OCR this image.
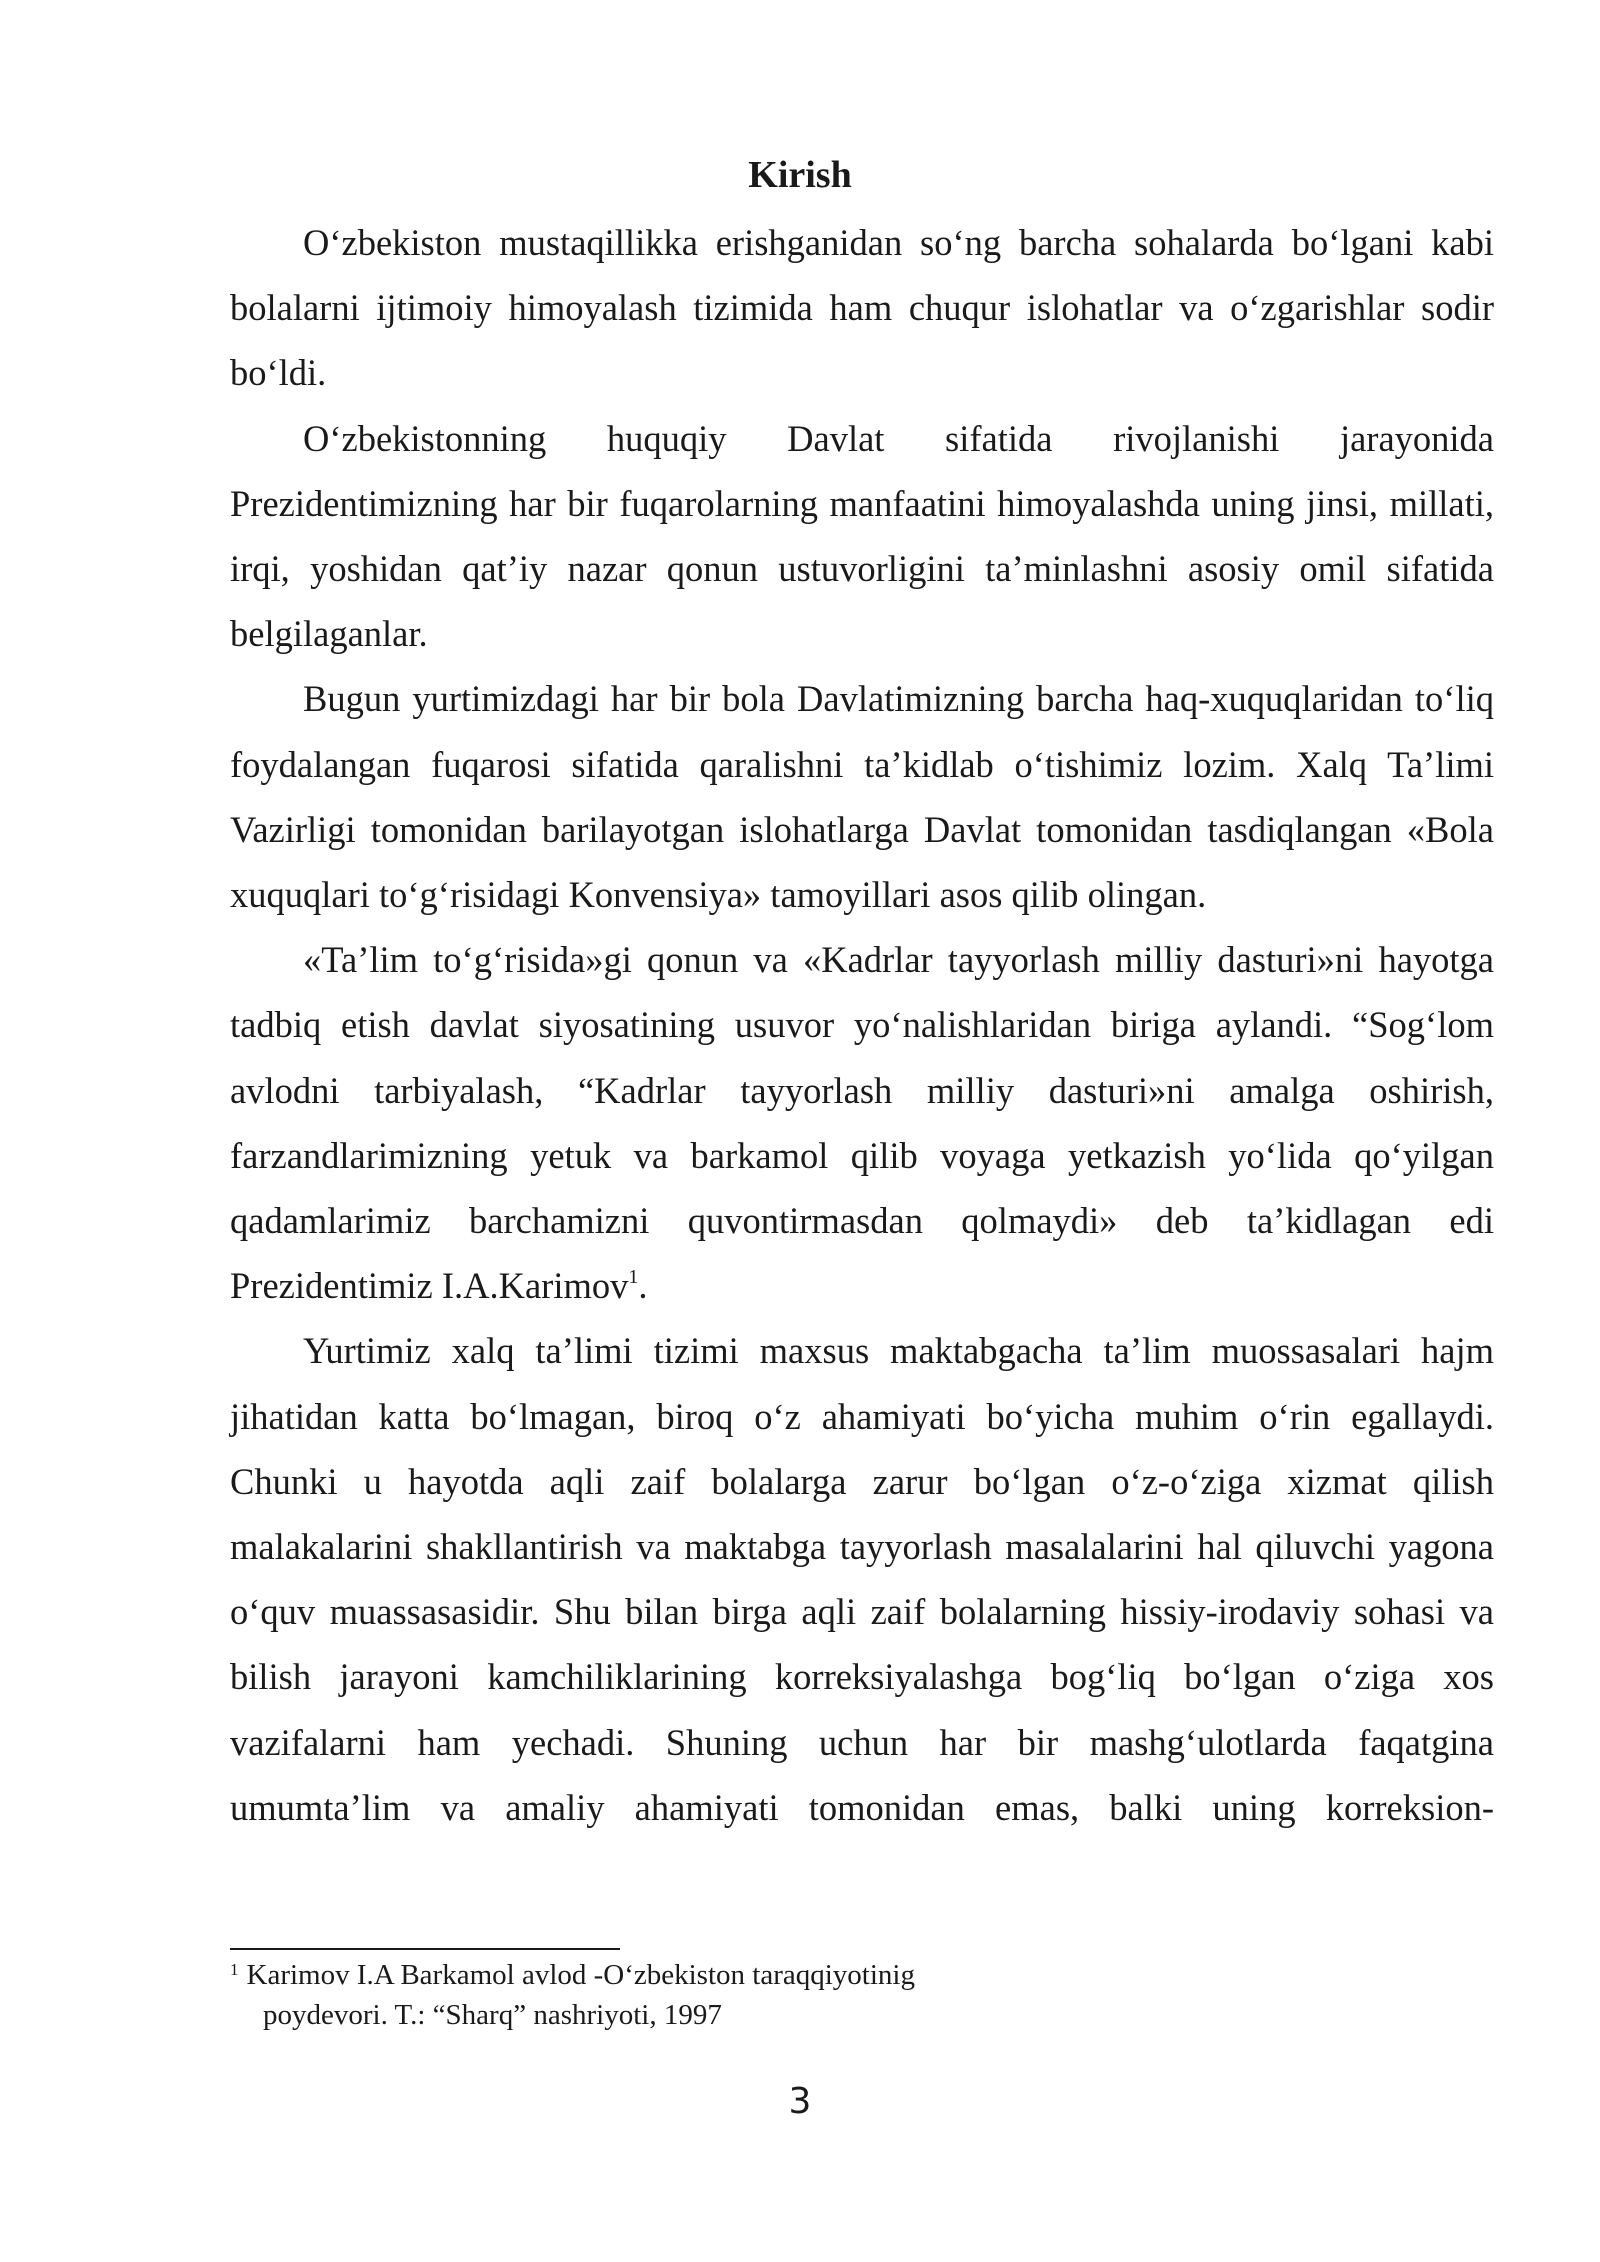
Kirish

O‘zbekiston mustaqillikka erishganidan so‘ng barcha sohalarda bo‘lgani kabi bolalarni ijtimoiy himoyalash tizimida ham chuqur islohatlar va o‘zgarishlar sodir bo‘ldi.

O‘zbekistonning huquqiy Davlat sifatida rivojlanishi jarayonida Prezidentimizning har bir fuqarolarning manfaatini himoyalashda uning jinsi, millati, irqi, yoshidan qat’iy nazar qonun ustuvorligini ta’minlashni asosiy omil sifatida belgilaganlar.

Bugun yurtimizdagi har bir bola Davlatimizning barcha haq-xuquqlaridan to‘liq foydalangan fuqarosi sifatida qaralishni ta’kidlab o‘tishimiz lozim. Xalq Ta’limi Vazirligi tomonidan barilayotgan islohatlarga Davlat tomonidan tasdiqlangan «Bola xuquqlari to‘g‘risidagi Konvensiya» tamoyillari asos qilib olingan.

«Ta’lim to‘g‘risida»gi qonun va «Kadrlar tayyorlash milliy dasturi»ni hayotga tadbiq etish davlat siyosatining usuvor yo‘nalishlaridan biriga aylandi. “Sog‘lom avlodni tarbiyalash, “Kadrlar tayyorlash milliy dasturi»ni amalga oshirish, farzandlarimizning yetuk va barkamol qilib voyaga yetkazish yo‘lida qo‘yilgan qadamlarimiz barchamizni quvontirmasdan qolmaydi» deb ta’kidlagan edi Prezidentimiz I.A.Karimov$^1$.

Yurtimiz xalq ta’limi tizimi maxsus maktabgacha ta’lim muossasalari hajm jihatidan katta bo‘lmagan, biroq o‘z ahamiyati bo‘yicha muhim o‘rin egallaydi. Chunki u hayotda aqli zaif bolalarga zarur bo‘lgan o‘z-o‘ziga xizmat qilish malakalarini shakllantirish va maktabga tayyorlash masalalarini hal qiluvchi yagona o‘quv muassasasidir. Shu bilan birga aqli zaif bolalarning hissiy-irodaviy sohasi va bilish jarayoni kamchiliklarining korreksiyalashga bog‘liq bo‘lgan o‘ziga xos vazifalarni ham yechadi. Shuning uchun har bir mashg‘ulotlarda faqatgina umumta’lim va amaliy ahamiyati tomonidan emas, balki uning korreksion-

$^1$ Karimov I.A Barkamol avlod -O‘zbekiston taraqqiyotinig
poydevori. T.: “Sharq” nashriyoti, 1997
3
